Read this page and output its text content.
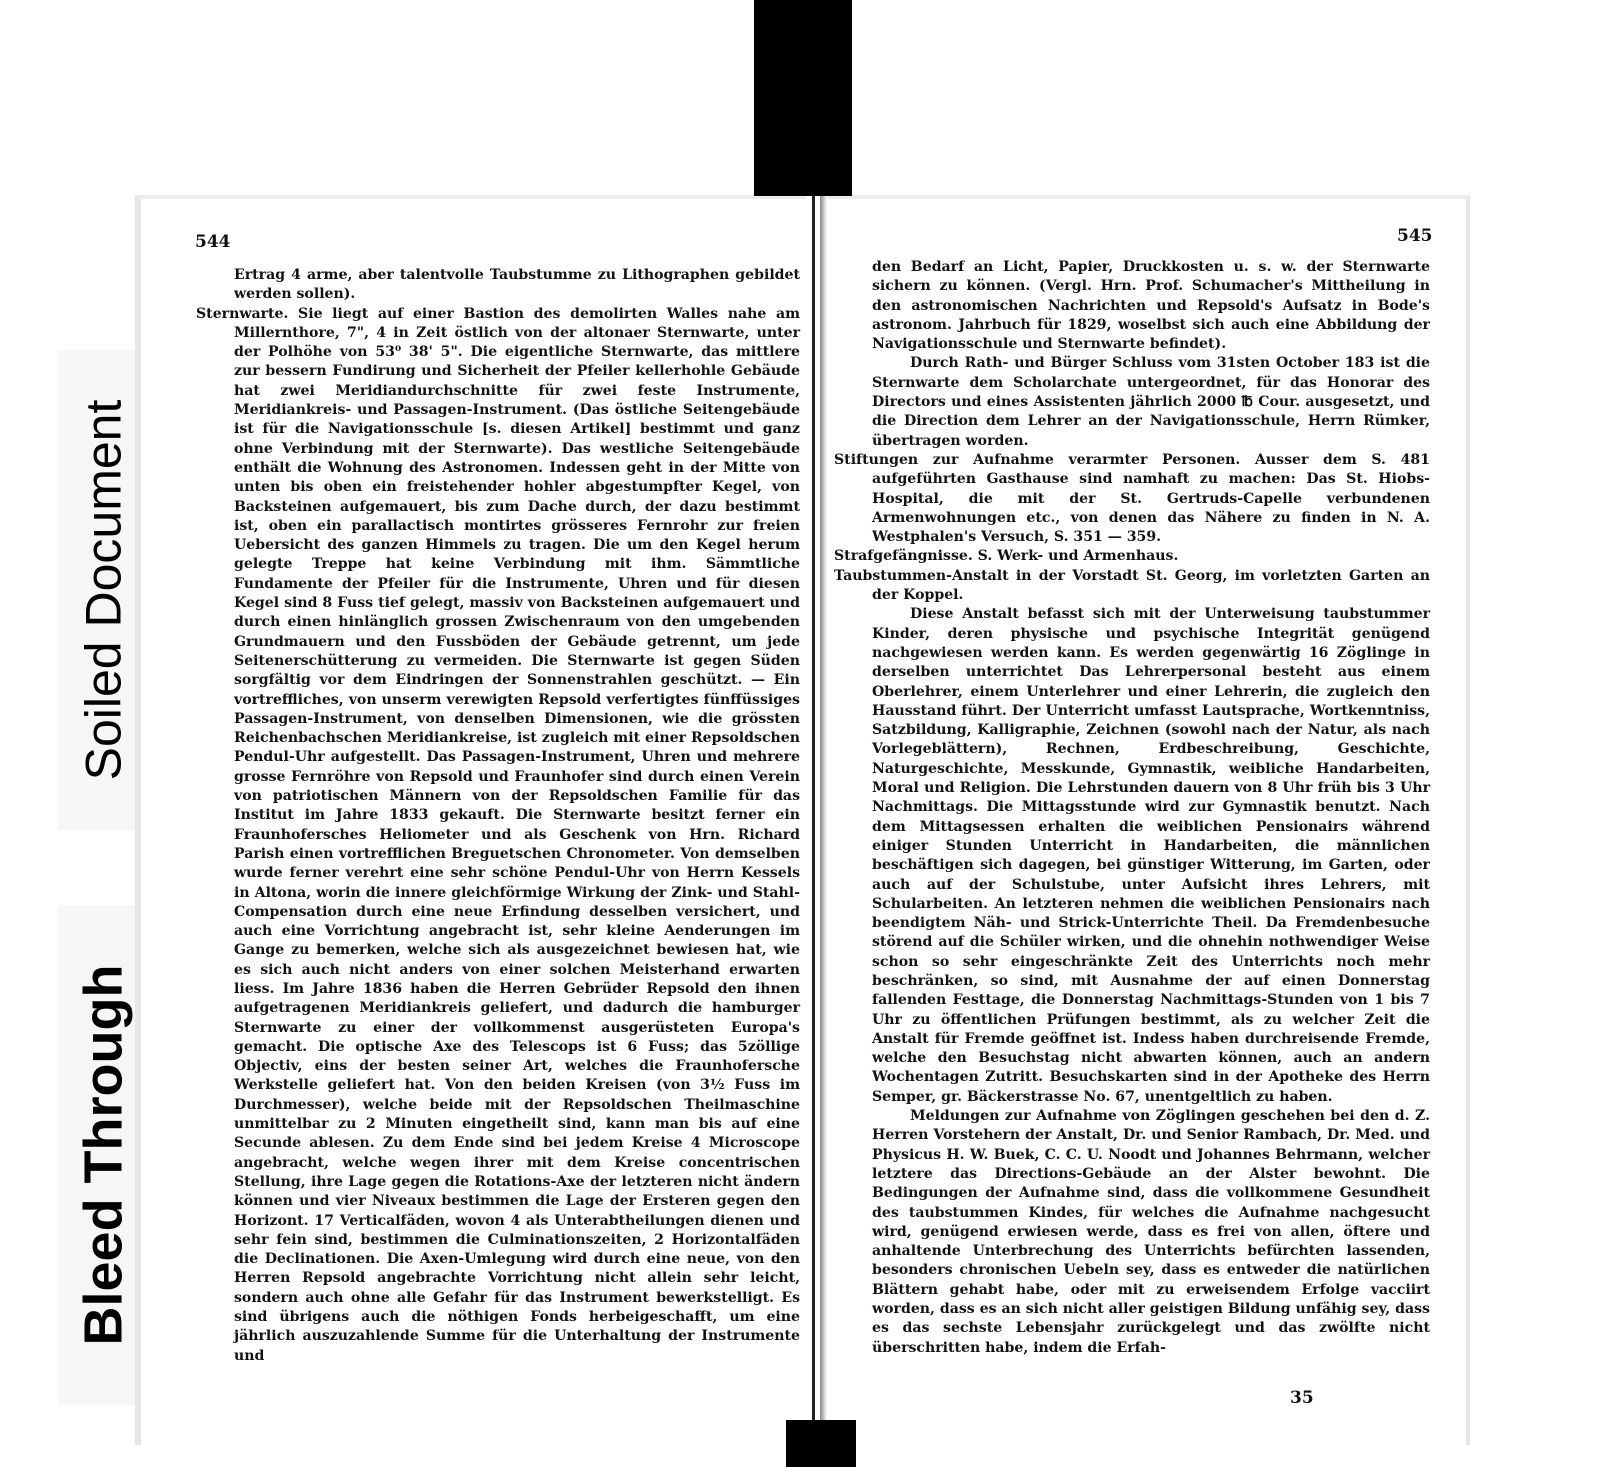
Soiled Document
Bleed Through
544	545
35

Ertrag 4 arme, aber talentvolle Taubstumme zu Lithographen gebildet werden sollen).

Sternwarte. Sie liegt auf einer Bastion des demolirten Walles nahe am Millernthore, 7", 4 in Zeit östlich von der altonaer Sternwarte, unter der Polhöhe von 53⁰ 38' 5". Die eigentliche Sternwarte, das mittlere zur bessern Fundirung und Sicherheit der Pfeiler kellerhohle Gebäude hat zwei Meridiandurchschnitte für zwei feste Instrumente, Meridiankreis- und Passagen-Instrument. (Das östliche Seitengebäude ist für die Navigationsschule [s. diesen Artikel] bestimmt und ganz ohne Verbindung mit der Sternwarte). Das westliche Seitengebäude enthält die Wohnung des Astronomen. Indessen geht in der Mitte von unten bis oben ein freistehender hohler abgestumpfter Kegel, von Backsteinen aufgemauert, bis zum Dache durch, der dazu bestimmt ist, oben ein parallactisch montirtes grösseres Fernrohr zur freien Uebersicht des ganzen Himmels zu tragen. Die um den Kegel herum gelegte Treppe hat keine Verbindung mit ihm. Sämmtliche Fundamente der Pfeiler für die Instrumente, Uhren und für diesen Kegel sind 8 Fuss tief gelegt, massiv von Backsteinen aufgemauert und durch einen hinlänglich grossen Zwischenraum von den umgebenden Grundmauern und den Fussböden der Gebäude getrennt, um jede Seitenerschütterung zu vermeiden. Die Sternwarte ist gegen Süden sorgfältig vor dem Eindringen der Sonnenstrahlen geschützt. — Ein vortreffliches, von unserm verewigten Repsold verfertigtes fünffüssiges Passagen-Instrument, von denselben Dimensionen, wie die grössten Reichenbachschen Meridiankreise, ist zugleich mit einer Repsoldschen Pendul-Uhr aufgestellt. Das Passagen-Instrument, Uhren und mehrere grosse Fernröhre von Repsold und Fraunhofer sind durch einen Verein von patriotischen Männern von der Repsoldschen Familie für das Institut im Jahre 1833 gekauft. Die Sternwarte besitzt ferner ein Fraunhofersches Heliometer und als Geschenk von Hrn. Richard Parish einen vortrefflichen Breguetschen Chronometer. Von demselben wurde ferner verehrt eine sehr schöne Pendul-Uhr von Herrn Kessels in Altona, worin die innere gleichförmige Wirkung der Zink- und Stahl-Compensation durch eine neue Erfindung desselben versichert, und auch eine Vorrichtung angebracht ist, sehr kleine Aenderungen im Gange zu bemerken, welche sich als ausgezeichnet bewiesen hat, wie es sich auch nicht anders von einer solchen Meisterhand erwarten liess. Im Jahre 1836 haben die Herren Gebrüder Repsold den ihnen aufgetragenen Meridiankreis geliefert, und dadurch die hamburger Sternwarte zu einer der vollkommenst ausgerüsteten Europa's gemacht. Die optische Axe des Telescops ist 6 Fuss; das 5zöllige Objectiv, eins der besten seiner Art, welches die Fraunhofersche Werkstelle geliefert hat. Von den beiden Kreisen (von 3½ Fuss im Durchmesser), welche beide mit der Repsoldschen Theilmaschine unmittelbar zu 2 Minuten eingetheilt sind, kann man bis auf eine Secunde ablesen. Zu dem Ende sind bei jedem Kreise 4 Microscope angebracht, welche wegen ihrer mit dem Kreise concentrischen Stellung, ihre Lage gegen die Rotations-Axe der letzteren nicht ändern können und vier Niveaux bestimmen die Lage der Ersteren gegen den Horizont. 17 Verticalfäden, wovon 4 als Unterabtheilungen dienen und sehr fein sind, bestimmen die Culminationszeiten, 2 Horizontalfäden die Declinationen. Die Axen-Umlegung wird durch eine neue, von den Herren Repsold angebrachte Vorrichtung nicht allein sehr leicht, sondern auch ohne alle Gefahr für das Instrument bewerkstelligt. Es sind übrigens auch die nöthigen Fonds herbeigeschafft, um eine jährlich auszuzahlende Summe für die Unterhaltung der Instrumente und

den Bedarf an Licht, Papier, Druckkosten u. s. w. der Sternwarte sichern zu können. (Vergl. Hrn. Prof. Schumacher's Mittheilung in den astronomischen Nachrichten und Repsold's Aufsatz in Bode's astronom. Jahrbuch für 1829, woselbst sich auch eine Abbildung der Navigationsschule und Sternwarte befindet).

Durch Rath- und Bürger Schluss vom 31sten October 183 ist die Sternwarte dem Scholarchate untergeordnet, für das Honorar des Directors und eines Assistenten jährlich 2000 ℔ Cour. ausgesetzt, und die Direction dem Lehrer an der Navigationsschule, Herrn Rümker, übertragen worden.

Stiftungen zur Aufnahme verarmter Personen. Ausser dem S. 481 aufgeführten Gasthause sind namhaft zu machen: Das St. Hiobs-Hospital, die mit der St. Gertruds-Capelle verbundenen Armenwohnungen etc., von denen das Nähere zu finden in N. A. Westphalen's Versuch, S. 351 — 359.

Strafgefängnisse. S. Werk- und Armenhaus.

Taubstummen-Anstalt in der Vorstadt St. Georg, im vorletzten Garten an der Koppel.

Diese Anstalt befasst sich mit der Unterweisung taubstummer Kinder, deren physische und psychische Integrität genügend nachgewiesen werden kann. Es werden gegenwärtig 16 Zöglinge in derselben unterrichtet Das Lehrerpersonal besteht aus einem Oberlehrer, einem Unterlehrer und einer Lehrerin, die zugleich den Hausstand führt. Der Unterricht umfasst Lautsprache, Wortkenntniss, Satzbildung, Kalligraphie, Zeichnen (sowohl nach der Natur, als nach Vorlegeblättern), Rechnen, Erdbeschreibung, Geschichte, Naturgeschichte, Messkunde, Gymnastik, weibliche Handarbeiten, Moral und Religion. Die Lehrstunden dauern von 8 Uhr früh bis 3 Uhr Nachmittags. Die Mittagsstunde wird zur Gymnastik benutzt. Nach dem Mittagsessen erhalten die weiblichen Pensionairs während einiger Stunden Unterricht in Handarbeiten, die männlichen beschäftigen sich dagegen, bei günstiger Witterung, im Garten, oder auch auf der Schulstube, unter Aufsicht ihres Lehrers, mit Schularbeiten. An letzteren nehmen die weiblichen Pensionairs nach beendigtem Näh- und Strick-Unterrichte Theil. Da Fremdenbesuche störend auf die Schüler wirken, und die ohnehin nothwendiger Weise schon so sehr eingeschränkte Zeit des Unterrichts noch mehr beschränken, so sind, mit Ausnahme der auf einen Donnerstag fallenden Festtage, die Donnerstag Nachmittags-Stunden von 1 bis 7 Uhr zu öffentlichen Prüfungen bestimmt, als zu welcher Zeit die Anstalt für Fremde geöffnet ist. Indess haben durchreisende Fremde, welche den Besuchstag nicht abwarten können, auch an andern Wochentagen Zutritt. Besuchskarten sind in der Apotheke des Herrn Semper, gr. Bäckerstrasse No. 67, unentgeltlich zu haben.

Meldungen zur Aufnahme von Zöglingen geschehen bei den d. Z. Herren Vorstehern der Anstalt, Dr. und Senior Rambach, Dr. Med. und Physicus H. W. Buek, C. C. U. Noodt und Johannes Behrmann, welcher letztere das Directions-Gebäude an der Alster bewohnt. Die Bedingungen der Aufnahme sind, dass die vollkommene Gesundheit des taubstummen Kindes, für welches die Aufnahme nachgesucht wird, genügend erwiesen werde, dass es frei von allen, öftere und anhaltende Unterbrechung des Unterrichts befürchten lassenden, besonders chronischen Uebeln sey, dass es entweder die natürlichen Blättern gehabt habe, oder mit zu erweisendem Erfolge vacciirt worden, dass es an sich nicht aller geistigen Bildung unfähig sey, dass es das sechste Lebensjahr zurückgelegt und das zwölfte nicht überschritten habe, indem die Erfah-
